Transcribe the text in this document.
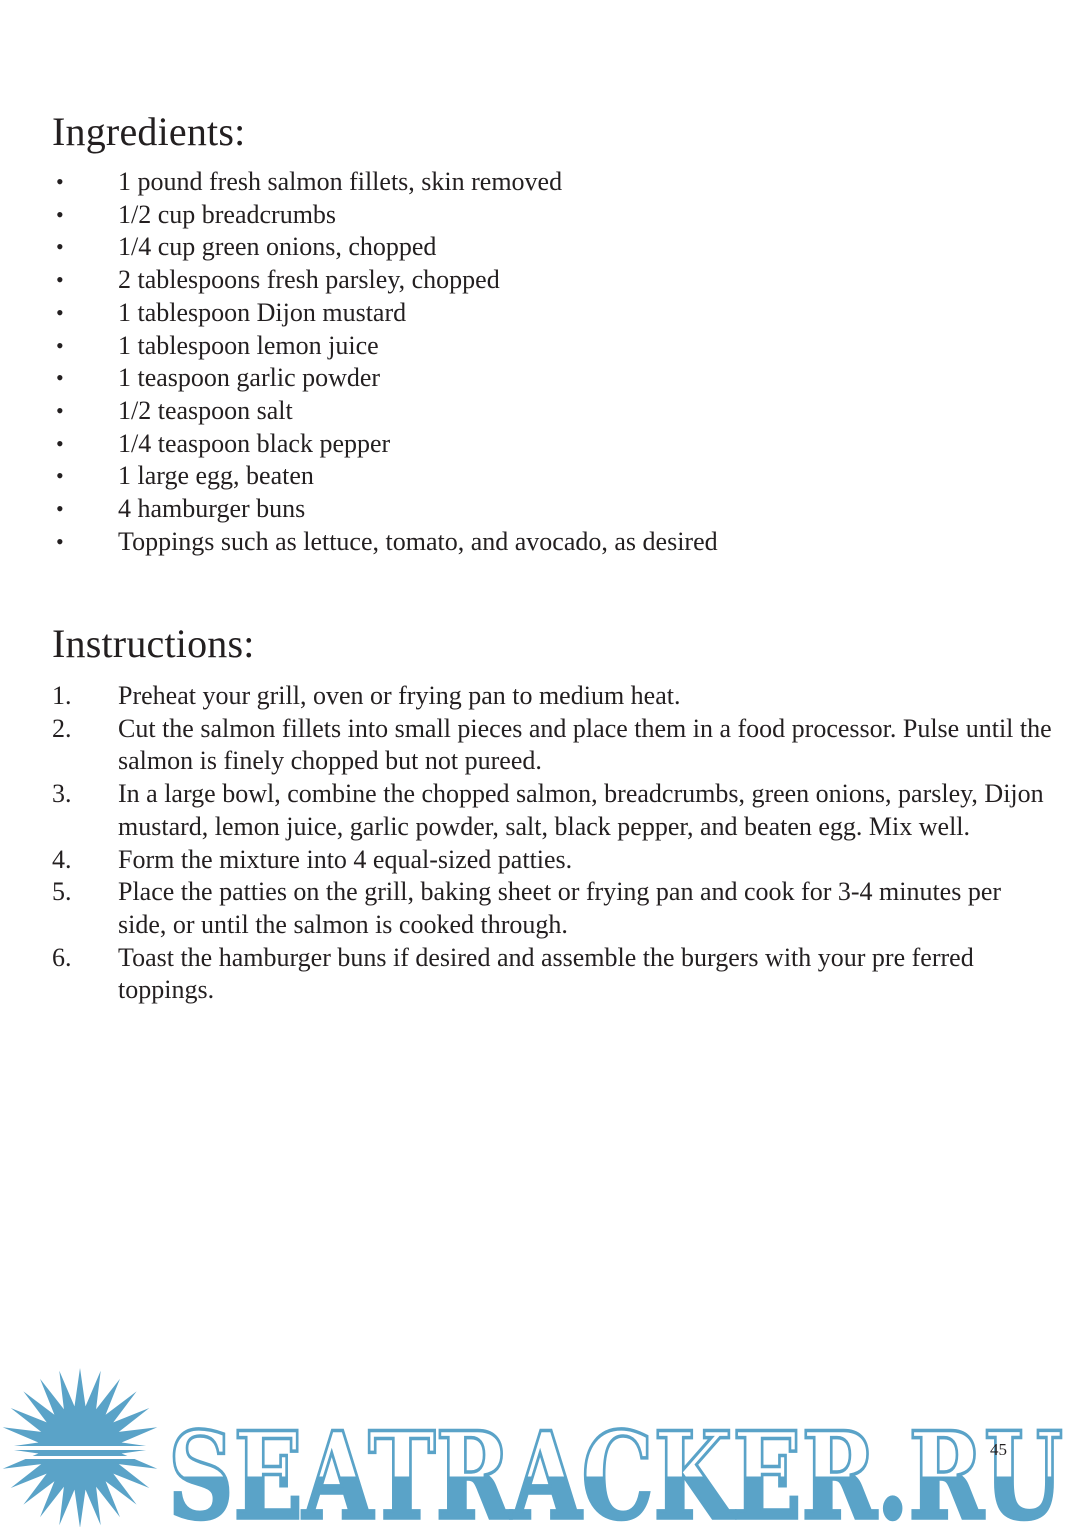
Ingredients:
• 1 pound fresh salmon fillets, skin removed
• 1/2 cup breadcrumbs
• 1/4 cup green onions, chopped
• 2 tablespoons fresh parsley, chopped
• 1 tablespoon Dijon mustard
• 1 tablespoon lemon juice
• 1 teaspoon garlic powder
• 1/2 teaspoon salt
• 1/4 teaspoon black pepper
• 1 large egg, beaten
• 4 hamburger buns
• Toppings such as lettuce, tomato, and avocado, as desired
Instructions:
1. Preheat your grill, oven or frying pan to medium heat.
2. Cut the salmon fillets into small pieces and place them in a food processor. Pulse until the salmon is finely chopped but not pureed.
3. In a large bowl, combine the chopped salmon, breadcrumbs, green onions, parsley, Dijon mustard, lemon juice, garlic powder, salt, black pepper, and beaten egg. Mix well.
4. Form the mixture into 4 equal-sized patties.
5. Place the patties on the grill, baking sheet or frying pan and cook for 3-4 minutes per side, or until the salmon is cooked through.
6. Toast the hamburger buns if desired and assemble the burgers with your pre ferred toppings.
SEATRACKER.RU
45
